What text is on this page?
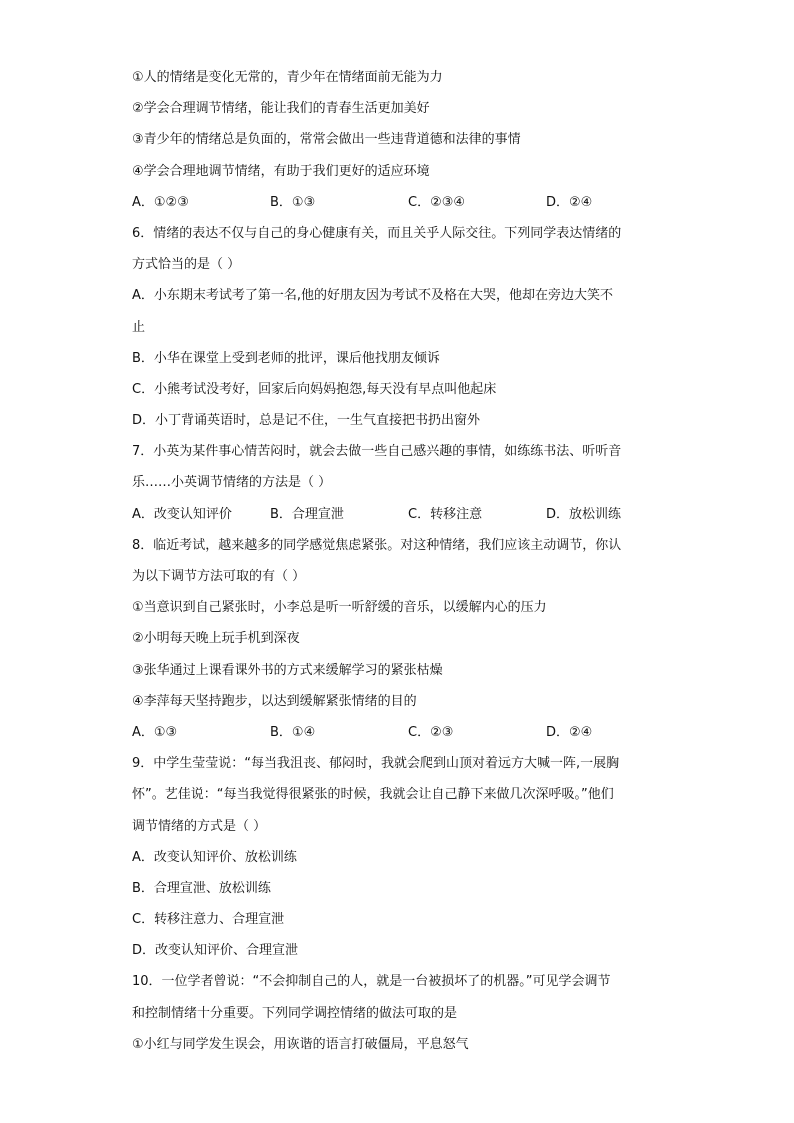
①人的情绪是变化无常的，青少年在情绪面前无能为力
②学会合理调节情绪，能让我们的青春生活更加美好
③青少年的情绪总是负面的，常常会做出一些违背道德和法律的事情
④学会合理地调节情绪，有助于我们更好的适应环境
A．①②③	B．①③	C．②③④	D．②④
6．情绪的表达不仅与自己的身心健康有关，而且关乎人际交往。下列同学表达情绪的
方式恰当的是（ ）
A．小东期末考试考了第一名,他的好朋友因为考试不及格在大哭，他却在旁边大笑不
止
B．小华在课堂上受到老师的批评，课后他找朋友倾诉
C．小熊考试没考好，回家后向妈妈抱怨,每天没有早点叫他起床
D．小丁背诵英语时，总是记不住，一生气直接把书扔出窗外
7．小英为某件事心情苦闷时，就会去做一些自己感兴趣的事情，如练练书法、听听音
乐……小英调节情绪的方法是（ ）
A．改变认知评价	B．合理宣泄	C．转移注意	D．放松训练
8．临近考试，越来越多的同学感觉焦虑紧张。对这种情绪，我们应该主动调节，你认
为以下调节方法可取的有（ ）
①当意识到自己紧张时，小李总是听一听舒缓的音乐，以缓解内心的压力
②小明每天晚上玩手机到深夜
③张华通过上课看课外书的方式来缓解学习的紧张枯燥
④李萍每天坚持跑步，以达到缓解紧张情绪的目的
A．①③	B．①④	C．②③	D．②④
9．中学生莹莹说：“每当我沮丧、郁闷时，我就会爬到山顶对着远方大喊一阵,一展胸
怀”。艺佳说：“每当我觉得很紧张的时候，我就会让自己静下来做几次深呼吸。”他们
调节情绪的方式是（ ）
A．改变认知评价、放松训练
B．合理宣泄、放松训练
C．转移注意力、合理宣泄
D．改变认知评价、合理宣泄
10．一位学者曾说：“不会抑制自己的人，就是一台被损坏了的机器。”可见学会调节
和控制情绪十分重要。下列同学调控情绪的做法可取的是
①小红与同学发生误会，用诙谐的语言打破僵局，平息怒气
